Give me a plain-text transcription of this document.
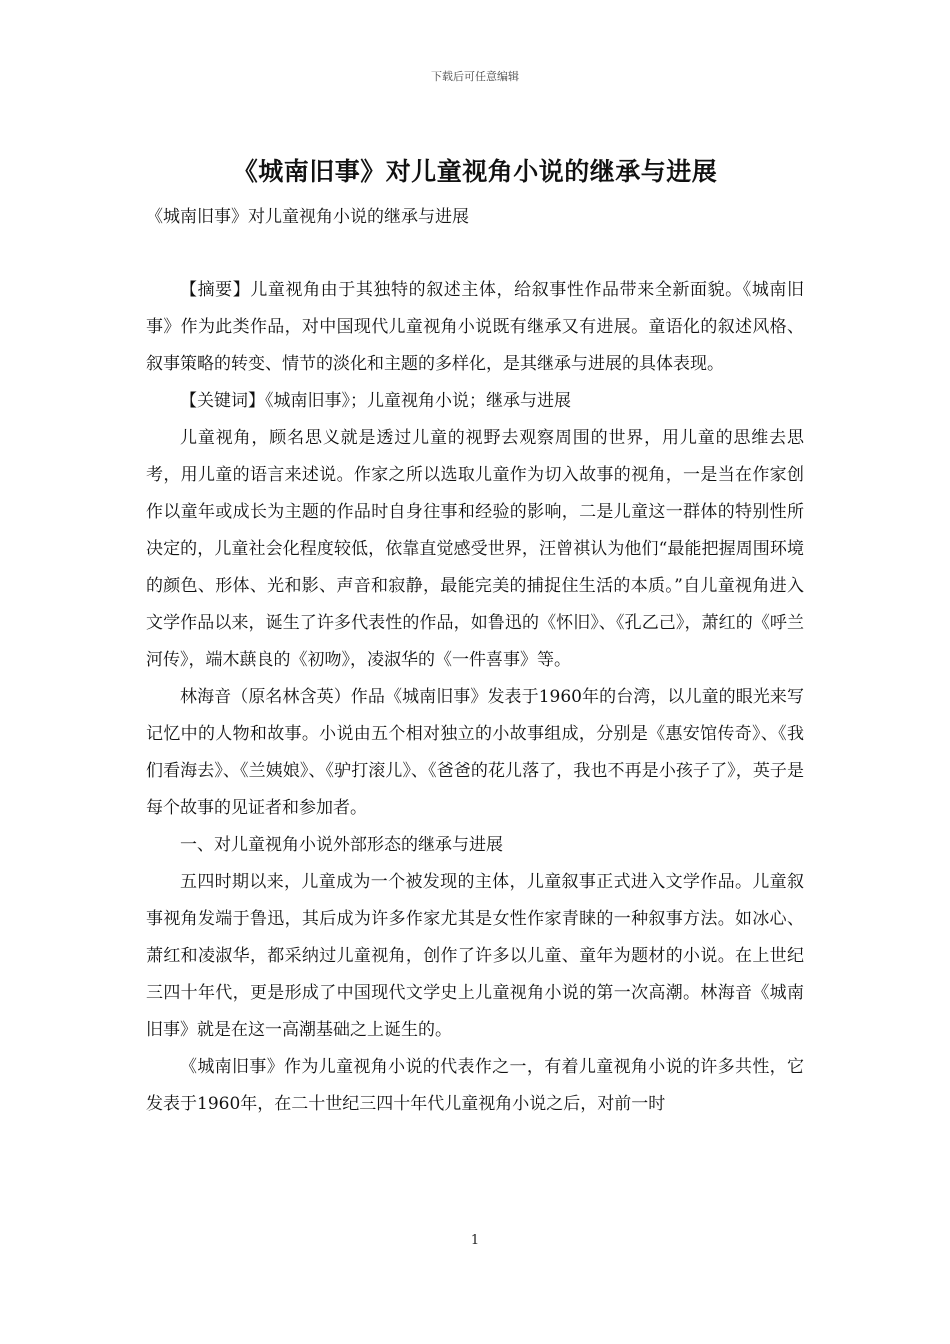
下载后可任意编辑
《城南旧事》对儿童视角小说的继承与进展
《城南旧事》对儿童视角小说的继承与进展

【摘要】儿童视角由于其独特的叙述主体，给叙事性作品带来全新面貌。《城南旧事》作为此类作品，对中国现代儿童视角小说既有继承又有进展。童语化的叙述风格、叙事策略的转变、情节的淡化和主题的多样化，是其继承与进展的具体表现。

【关键词】《城南旧事》；儿童视角小说；继承与进展

儿童视角，顾名思义就是透过儿童的视野去观察周围的世界，用儿童的思维去思考，用儿童的语言来述说。作家之所以选取儿童作为切入故事的视角，一是当在作家创作以童年或成长为主题的作品时自身往事和经验的影响，二是儿童这一群体的特别性所决定的，儿童社会化程度较低，依靠直觉感受世界，汪曾祺认为他们“最能把握周围环境的颜色、形体、光和影、声音和寂静，最能完美的捕捉住生活的本质。”自儿童视角进入文学作品以来，诞生了许多代表性的作品，如鲁迅的《怀旧》、《孔乙己》，萧红的《呼兰河传》，端木蕻良的《初吻》，凌淑华的《一件喜事》等。

林海音（原名林含英）作品《城南旧事》发表于1960年的台湾，以儿童的眼光来写记忆中的人物和故事。小说由五个相对独立的小故事组成，分别是《惠安馆传奇》、《我们看海去》、《兰姨娘》、《驴打滚儿》、《爸爸的花儿落了，我也不再是小孩子了》，英子是每个故事的见证者和参加者。

一、对儿童视角小说外部形态的继承与进展

五四时期以来，儿童成为一个被发现的主体，儿童叙事正式进入文学作品。儿童叙事视角发端于鲁迅，其后成为许多作家尤其是女性作家青睐的一种叙事方法。如冰心、萧红和凌淑华，都采纳过儿童视角，创作了许多以儿童、童年为题材的小说。在上世纪三四十年代，更是形成了中国现代文学史上儿童视角小说的第一次高潮。林海音《城南旧事》就是在这一高潮基础之上诞生的。

《城南旧事》作为儿童视角小说的代表作之一，有着儿童视角小说的许多共性，它发表于1960年，在二十世纪三四十年代儿童视角小说之后，对前一时

1
